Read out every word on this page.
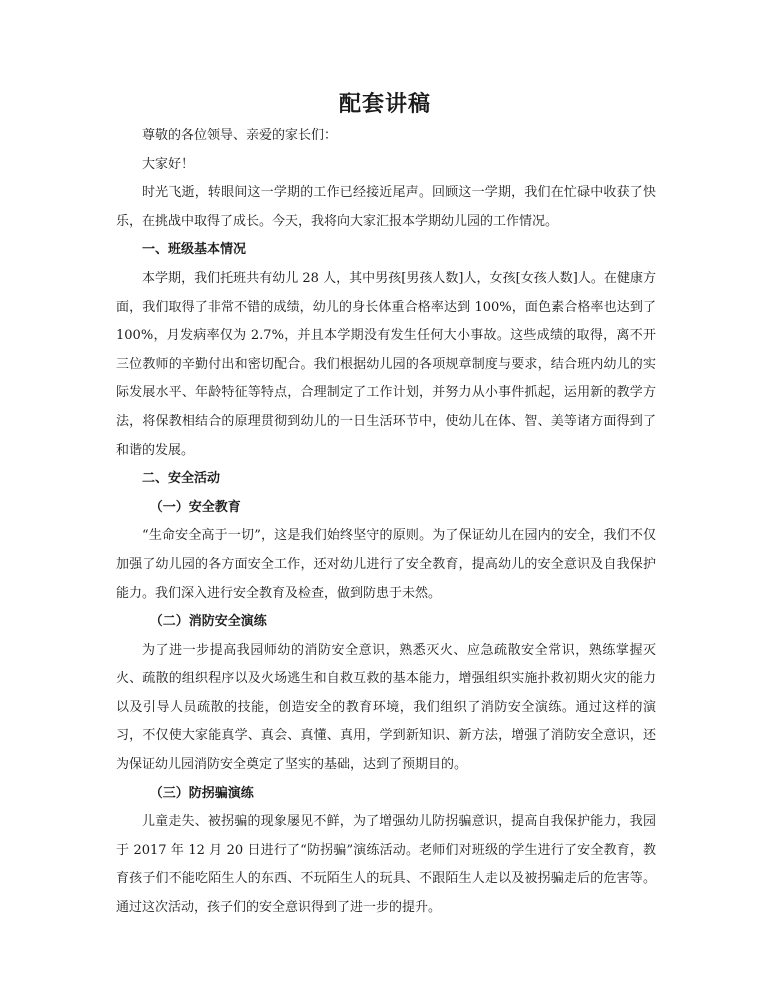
配套讲稿

尊敬的各位领导、亲爱的家长们：

大家好！

时光飞逝，转眼间这一学期的工作已经接近尾声。回顾这一学期，我们在忙碌中收获了快乐，在挑战中取得了成长。今天，我将向大家汇报本学期幼儿园的工作情况。

一、班级基本情况

本学期，我们托班共有幼儿 28 人，其中男孩[男孩人数]人，女孩[女孩人数]人。在健康方面，我们取得了非常不错的成绩，幼儿的身长体重合格率达到 100%，面色素合格率也达到了 100%，月发病率仅为 2.7%，并且本学期没有发生任何大小事故。这些成绩的取得，离不开三位教师的辛勤付出和密切配合。我们根据幼儿园的各项规章制度与要求，结合班内幼儿的实际发展水平、年龄特征等特点，合理制定了工作计划，并努力从小事件抓起，运用新的教学方法，将保教相结合的原理贯彻到幼儿的一日生活环节中，使幼儿在体、智、美等诸方面得到了和谐的发展。

二、安全活动

（一）安全教育

“生命安全高于一切”，这是我们始终坚守的原则。为了保证幼儿在园内的安全，我们不仅加强了幼儿园的各方面安全工作，还对幼儿进行了安全教育，提高幼儿的安全意识及自我保护能力。我们深入进行安全教育及检查，做到防患于未然。

（二）消防安全演练

为了进一步提高我园师幼的消防安全意识，熟悉灭火、应急疏散安全常识，熟练掌握灭火、疏散的组织程序以及火场逃生和自救互救的基本能力，增强组织实施扑救初期火灾的能力以及引导人员疏散的技能，创造安全的教育环境，我们组织了消防安全演练。通过这样的演习，不仅使大家能真学、真会、真懂、真用，学到新知识、新方法，增强了消防安全意识，还为保证幼儿园消防安全奠定了坚实的基础，达到了预期目的。

（三）防拐骗演练

儿童走失、被拐骗的现象屡见不鲜，为了增强幼儿防拐骗意识，提高自我保护能力，我园于 2017 年 12 月 20 日进行了“防拐骗”演练活动。老师们对班级的学生进行了安全教育，教育孩子们不能吃陌生人的东西、不玩陌生人的玩具、不跟陌生人走以及被拐骗走后的危害等。通过这次活动，孩子们的安全意识得到了进一步的提升。
